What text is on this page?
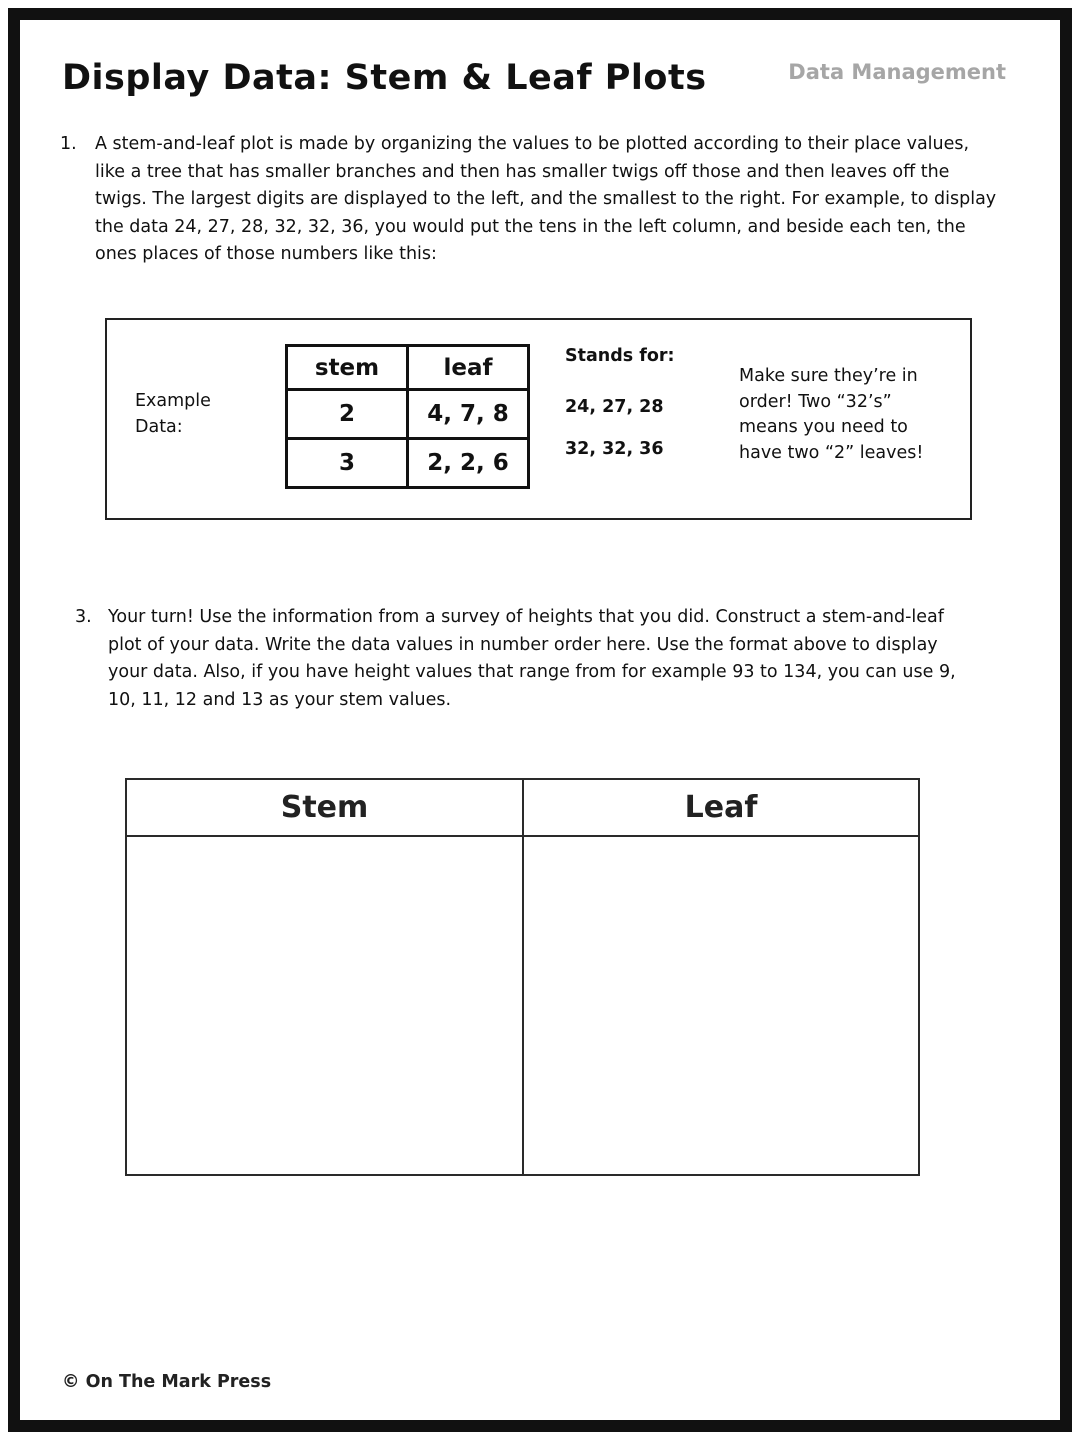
Display Data: Stem & Leaf Plots	Data Management
1. A stem-and-leaf plot is made by organizing the values to be plotted according to their place values, like a tree that has smaller branches and then has smaller twigs off those and then leaves off the twigs. The largest digits are displayed to the left, and the smallest to the right. For example, to display the data 24, 27, 28, 32, 32, 36, you would put the tens in the left column, and beside each ten, the ones places of those numbers like this:
Example Data:
stem	leaf
2	4, 7, 8
3	2, 2, 6
Stands for:
24, 27, 28
32, 32, 36
Make sure they’re in order! Two “32’s” means you need to have two “2” leaves!
3. Your turn! Use the information from a survey of heights that you did. Construct a stem-and-leaf plot of your data. Write the data values in number order here. Use the format above to display your data. Also, if you have height values that range from for example 93 to 134, you can use 9, 10, 11, 12 and 13 as your stem values.
Stem	Leaf
© On The Mark Press
